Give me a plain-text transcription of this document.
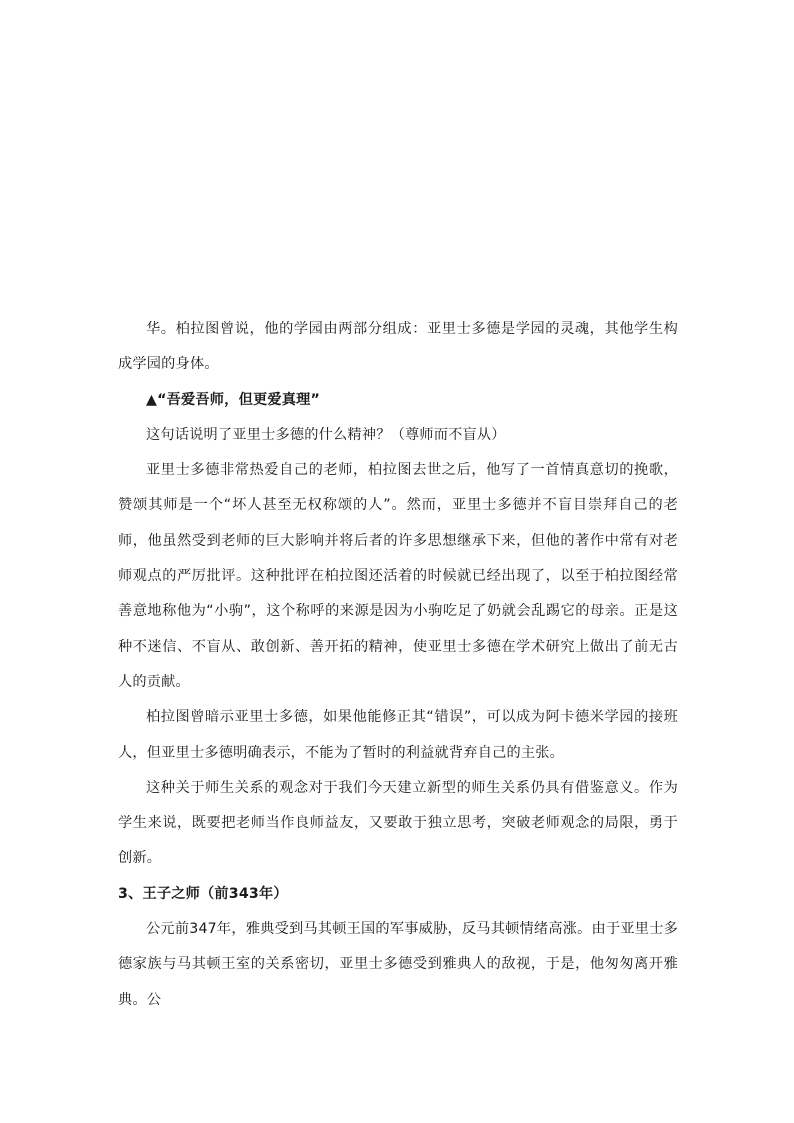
华。柏拉图曾说，他的学园由两部分组成：亚里士多德是学园的灵魂，其他学生构成学园的身体。

▲“吾爱吾师，但更爱真理”

这句话说明了亚里士多德的什么精神？（尊师而不盲从）

亚里士多德非常热爱自己的老师，柏拉图去世之后，他写了一首情真意切的挽歌，赞颂其师是一个“坏人甚至无权称颂的人”。然而，亚里士多德并不盲目崇拜自己的老师，他虽然受到老师的巨大影响并将后者的许多思想继承下来，但他的著作中常有对老师观点的严厉批评。这种批评在柏拉图还活着的时候就已经出现了，以至于柏拉图经常善意地称他为“小驹”，这个称呼的来源是因为小驹吃足了奶就会乱踢它的母亲。正是这种不迷信、不盲从、敢创新、善开拓的精神，使亚里士多德在学术研究上做出了前无古人的贡献。

柏拉图曾暗示亚里士多德，如果他能修正其“错误”，可以成为阿卡德米学园的接班人，但亚里士多德明确表示，不能为了暂时的利益就背弃自己的主张。

这种关于师生关系的观念对于我们今天建立新型的师生关系仍具有借鉴意义。作为学生来说，既要把老师当作良师益友，又要敢于独立思考，突破老师观念的局限，勇于创新。

3、王子之师（前343年）

公元前347年，雅典受到马其顿王国的军事威胁，反马其顿情绪高涨。由于亚里士多德家族与马其顿王室的关系密切，亚里士多德受到雅典人的敌视，于是，他匆匆离开雅典。公
